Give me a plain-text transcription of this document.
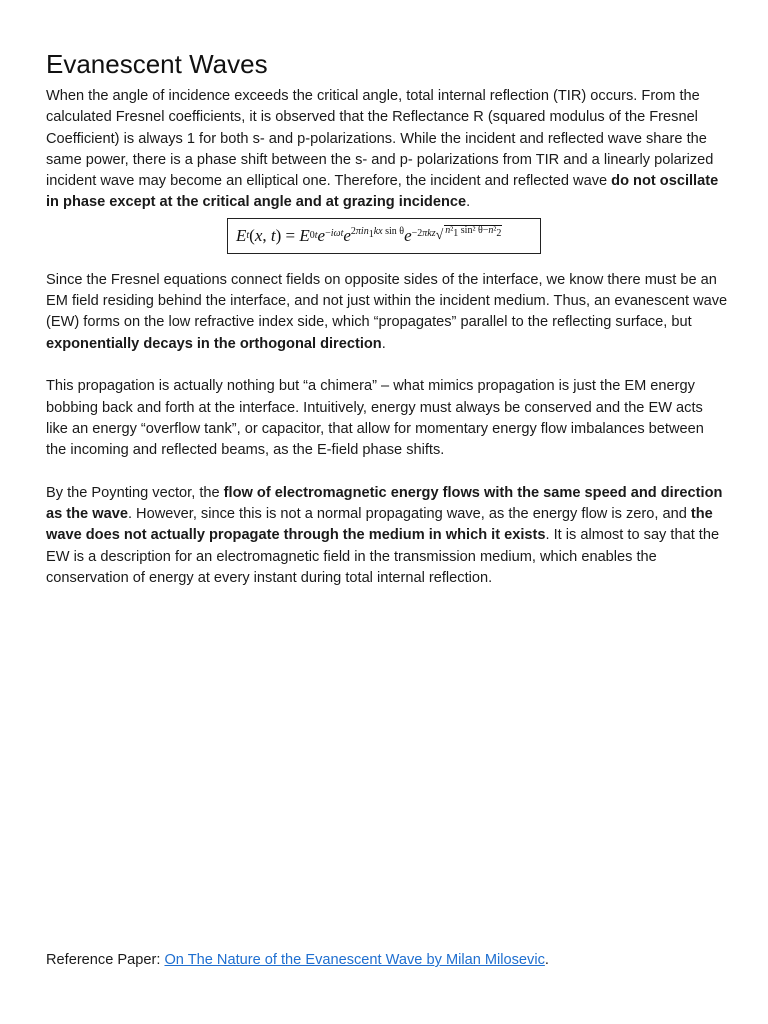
Evanescent Waves

When the angle of incidence exceeds the critical angle, total internal reflection (TIR) occurs. From the calculated Fresnel coefficients, it is observed that the Reflectance R (squared modulus of the Fresnel Coefficient) is always 1 for both s- and p-polarizations. While the incident and reflected wave share the same power, there is a phase shift between the s- and p- polarizations from TIR and a linearly polarized incident wave may become an elliptical one. Therefore, the incident and reflected wave do not oscillate in phase except at the critical angle and at grazing incidence.

E t ( x , t ) = E 0t $e^{-i\omega t}$ $e^{2\pi in_1kx sin \theta}$ $e^{-2\pi kz}$ √ $^{n^2_1 sin^2 \theta-n^2_2}$

Since the Fresnel equations connect fields on opposite sides of the interface, we know there must be an EM field residing behind the interface, and not just within the incident medium. Thus, an evanescent wave (EW) forms on the low refractive index side, which “propagates” parallel to the reflecting surface, but exponentially decays in the orthogonal direction.

This propagation is actually nothing but “a chimera” – what mimics propagation is just the EM energy bobbing back and forth at the interface. Intuitively, energy must always be conserved and the EW acts like an energy “overflow tank”, or capacitor, that allow for momentary energy flow imbalances between the incoming and reflected beams, as the E-field phase shifts.

By the Poynting vector, the flow of electromagnetic energy flows with the same speed and direction as the wave. However, since this is not a normal propagating wave, as the energy flow is zero, and the wave does not actually propagate through the medium in which it exists. It is almost to say that the EW is a description for an electromagnetic field in the transmission medium, which enables the conservation of energy at every instant during total internal reflection.

Reference Paper: On The Nature of the Evanescent Wave by Milan Milosevic.
